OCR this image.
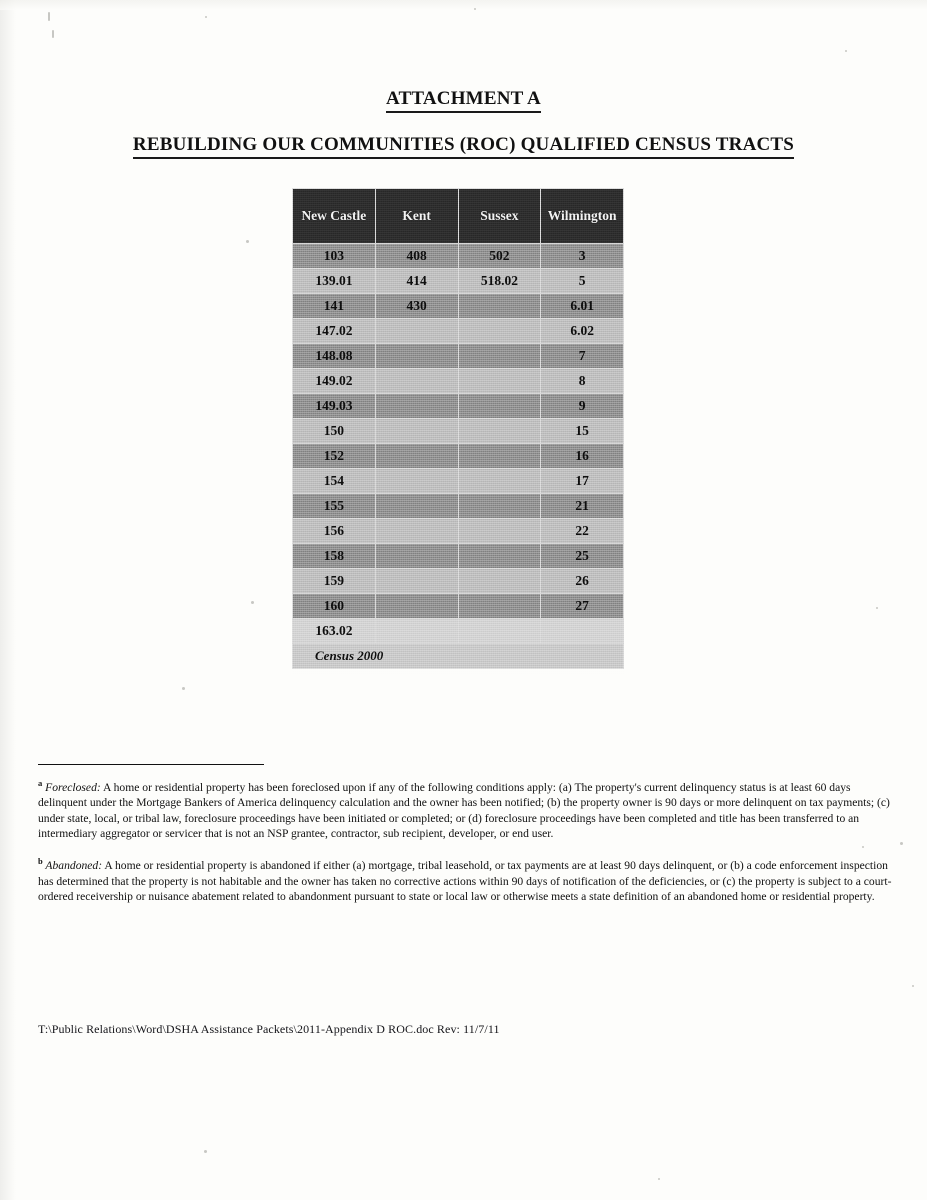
ATTACHMENT A
REBUILDING OUR COMMUNITIES (ROC) QUALIFIED CENSUS TRACTS
New Castle	Kent	Sussex	Wilmington
103	408	502	3
139.01	414	518.02	5
141	430		6.01
147.02			6.02
148.08			7
149.02			8
149.03			9
150			15
152			16
154			17
155			21
156			22
158			25
159			26
160			27
163.02			
Census 2000			

$^a$ Foreclosed: A home or residential property has been foreclosed upon if any of the following conditions apply: (a) The property's current delinquency status is at least 60 days delinquent under the Mortgage Bankers of America delinquency calculation and the owner has been notified; (b) the property owner is 90 days or more delinquent on tax payments; (c) under state, local, or tribal law, foreclosure proceedings have been initiated or completed; or (d) foreclosure proceedings have been completed and title has been transferred to an intermediary aggregator or servicer that is not an NSP grantee, contractor, sub recipient, developer, or end user.

$^b$ Abandoned: A home or residential property is abandoned if either (a) mortgage, tribal leasehold, or tax payments are at least 90 days delinquent, or (b) a code enforcement inspection has determined that the property is not habitable and the owner has taken no corrective actions within 90 days of notification of the deficiencies, or (c) the property is subject to a court-ordered receivership or nuisance abatement related to abandonment pursuant to state or local law or otherwise meets a state definition of an abandoned home or residential property.

T:\Public Relations\Word\DSHA Assistance Packets\2011-Appendix D ROC.doc Rev: 11/7/11
